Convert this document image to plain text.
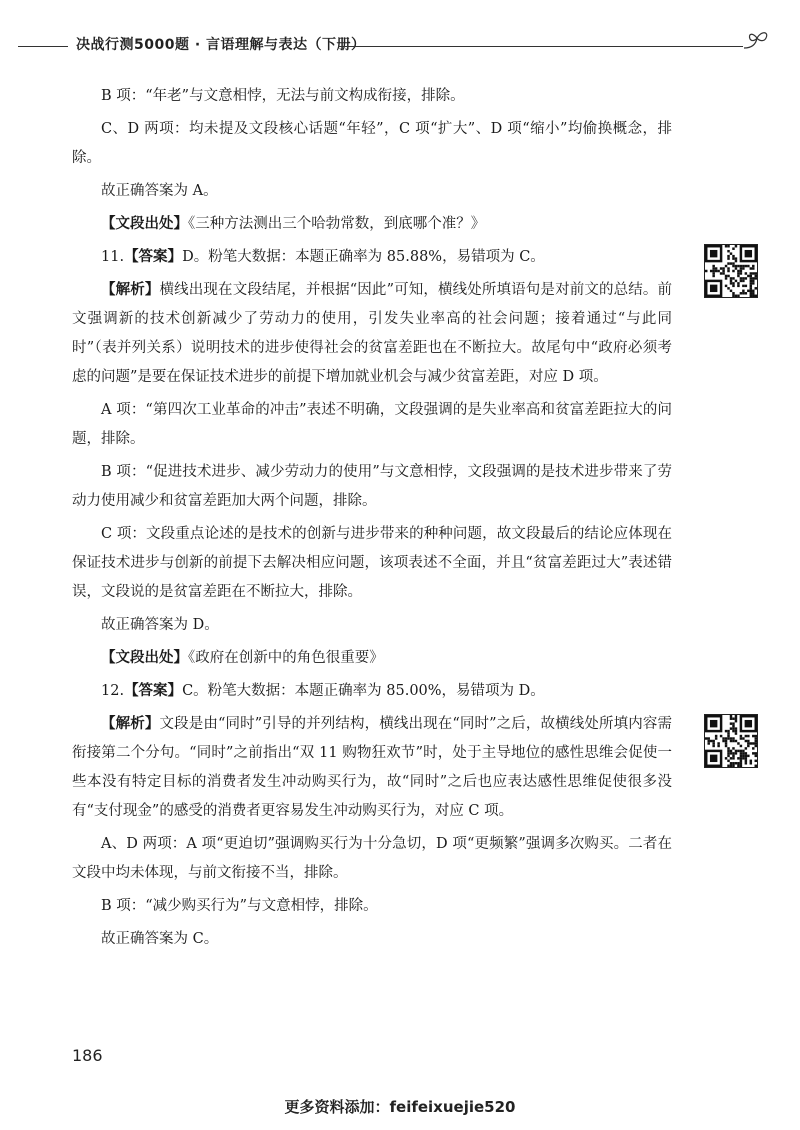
决战行测5000题 · 言语理解与表达（下册）

B 项：“年老”与文意相悖，无法与前文构成衔接，排除。

C、D 两项：均未提及文段核心话题“年轻”，C 项“扩大”、D 项“缩小”均偷换概念，排除。

故正确答案为 A。

【文段出处】《三种方法测出三个哈勃常数，到底哪个准？》

11.【答案】D。粉笔大数据：本题正确率为 85.88%，易错项为 C。

【解析】横线出现在文段结尾，并根据“因此”可知，横线处所填语句是对前文的总结。前文强调新的技术创新减少了劳动力的使用，引发失业率高的社会问题；接着通过“与此同时”（表并列关系）说明技术的进步使得社会的贫富差距也在不断拉大。故尾句中“政府必须考虑的问题”是要在保证技术进步的前提下增加就业机会与减少贫富差距，对应 D 项。

A 项：“第四次工业革命的冲击”表述不明确，文段强调的是失业率高和贫富差距拉大的问题，排除。

B 项：“促进技术进步、减少劳动力的使用”与文意相悖，文段强调的是技术进步带来了劳动力使用减少和贫富差距加大两个问题，排除。

C 项：文段重点论述的是技术的创新与进步带来的种种问题，故文段最后的结论应体现在保证技术进步与创新的前提下去解决相应问题，该项表述不全面，并且“贫富差距过大”表述错误，文段说的是贫富差距在不断拉大，排除。

故正确答案为 D。

【文段出处】《政府在创新中的角色很重要》

12.【答案】C。粉笔大数据：本题正确率为 85.00%，易错项为 D。

【解析】文段是由“同时”引导的并列结构，横线出现在“同时”之后，故横线处所填内容需衔接第二个分句。“同时”之前指出“双 11 购物狂欢节”时，处于主导地位的感性思维会促使一些本没有特定目标的消费者发生冲动购买行为，故“同时”之后也应表达感性思维促使很多没有“支付现金”的感受的消费者更容易发生冲动购买行为，对应 C 项。

A、D 两项：A 项“更迫切”强调购买行为十分急切，D 项“更频繁”强调多次购买。二者在文段中均未体现，与前文衔接不当，排除。

B 项：“减少购买行为”与文意相悖，排除。

故正确答案为 C。

186
更多资料添加：feifeixuejie520
